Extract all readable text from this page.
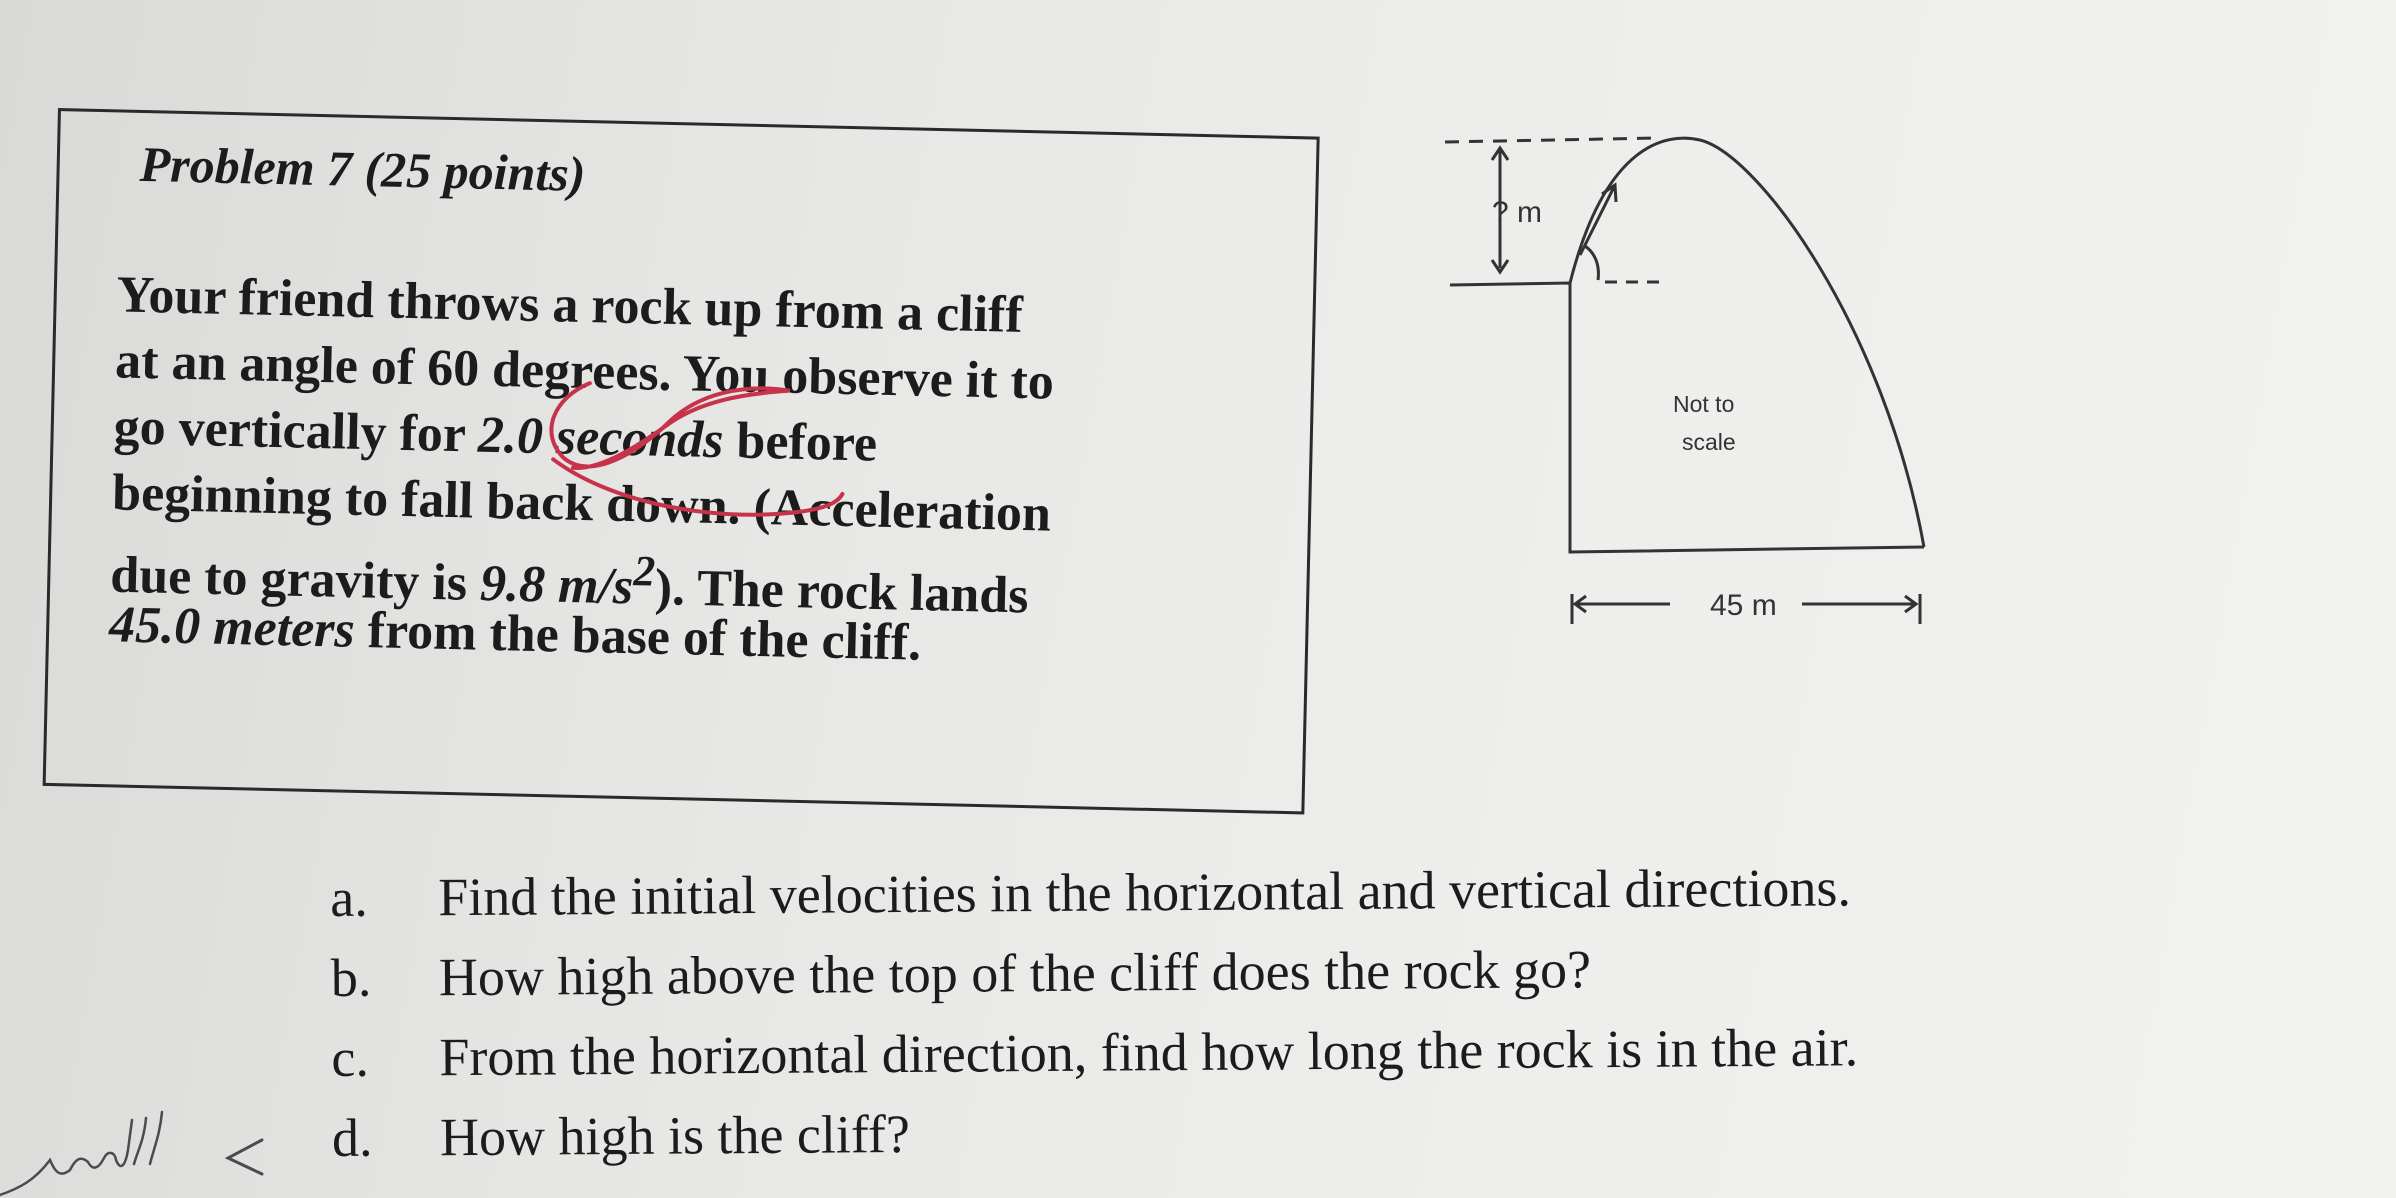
Problem 7 (25 points)
Your friend throws a rock up from a cliff
at an angle of 60 degrees. You observe it to
go vertically for 2.0 seconds before
beginning to fall back down. (Acceleration
due to gravity is 9.8 $m/s^2$). The rock lands
45.0 meters from the base of the cliff.
? m
Not to
scale
45 m
a. Find the initial velocities in the horizontal and vertical directions.
b. How high above the top of the cliff does the rock go?
c. From the horizontal direction, find how long the rock is in the air.
d. How high is the cliff?
